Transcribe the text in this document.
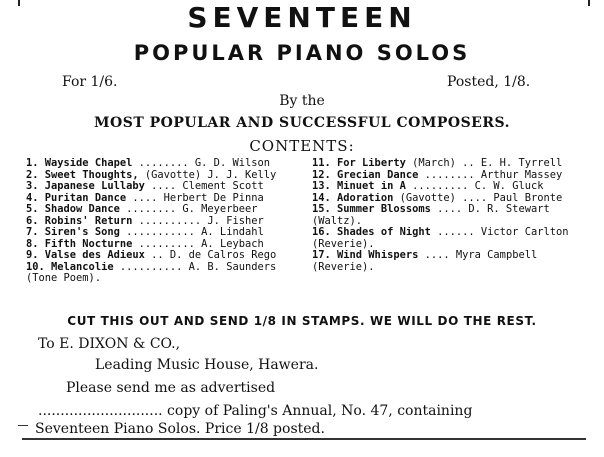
SEVENTEEN
POPULAR PIANO SOLOS
For 1/6.	Posted, 1/8.
By the
MOST POPULAR AND SUCCESSFUL COMPOSERS.
CONTENTS:
1. Wayside Chapel ........ G. D. Wilson
2. Sweet Thoughts, (Gavotte) J. J. Kelly
3. Japanese Lullaby .... Clement Scott
4. Puritan Dance .... Herbert De Pinna
5. Shadow Dance ........ G. Meyerbeer
6. Robins' Return .......... J. Fisher
7. Siren's Song ........... A. Lindahl
8. Fifth Nocturne ......... A. Leybach
9. Valse des Adieux .. D. de Calros Rego
10. Melancolie .......... A. B. Saunders
(Tone Poem).
11. For Liberty (March) .. E. H. Tyrrell
12. Grecian Dance ........ Arthur Massey
13. Minuet in A ......... C. W. Gluck
14. Adoration (Gavotte) .... Paul Bronte
15. Summer Blossoms .... D. R. Stewart
(Waltz).
16. Shades of Night ...... Victor Carlton
(Reverie).
17. Wind Whispers .... Myra Campbell
(Reverie).
CUT THIS OUT AND SEND 1/8 IN STAMPS. WE WILL DO THE REST.
To E. DIXON & CO.,
Leading Music House, Hawera.
Please send me as advertised
............................ copy of Paling's Annual, No. 47, containing
Seventeen Piano Solos. Price 1/8 posted.
